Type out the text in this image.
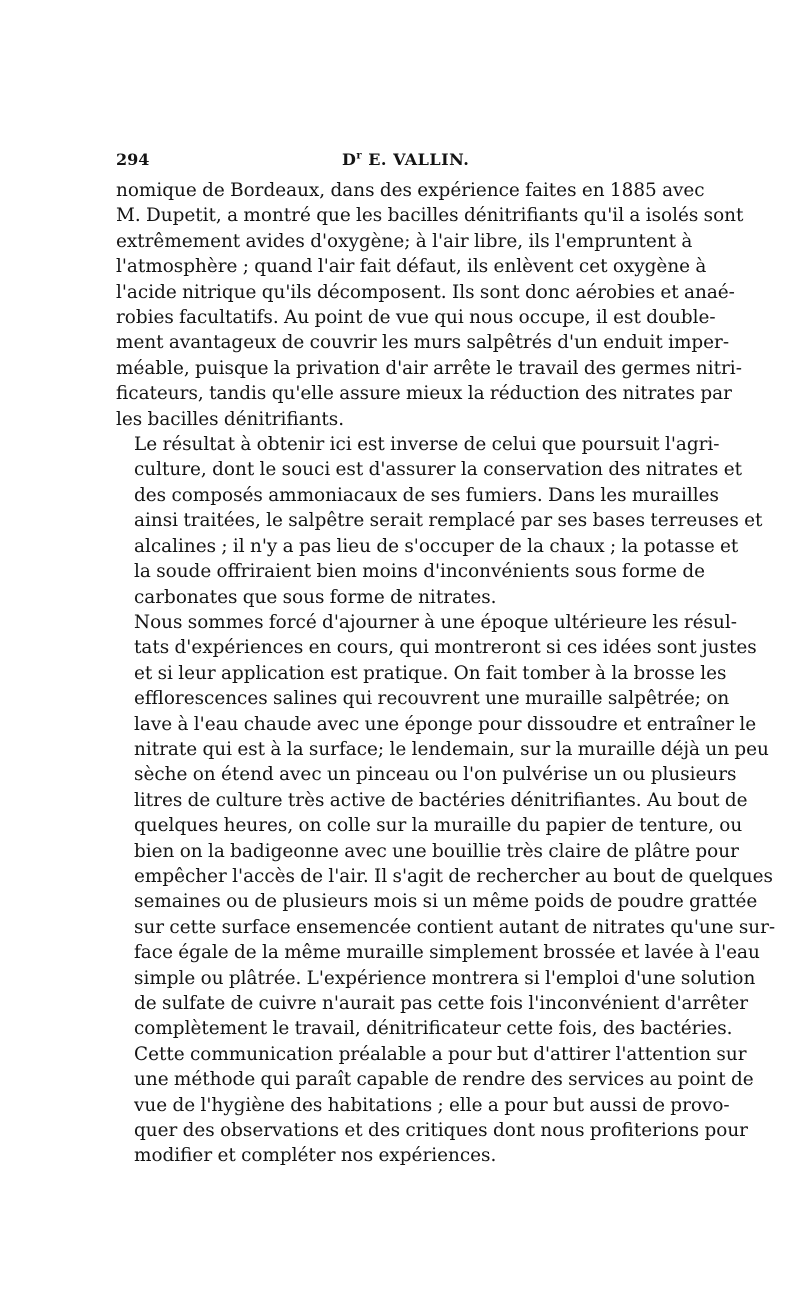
294	$D^r$ E. VALLIN.

nomique de Bordeaux, dans des expérience faites en 1885 avec
M. Dupetit, a montré que les bacilles dénitrifiants qu'il a isolés sont
extrêmement avides d'oxygène; à l'air libre, ils l'empruntent à
l'atmosphère ; quand l'air fait défaut, ils enlèvent cet oxygène à
l'acide nitrique qu'ils décomposent. Ils sont donc aérobies et anaé-
robies facultatifs. Au point de vue qui nous occupe, il est double-
ment avantageux de couvrir les murs salpêtrés d'un enduit imper-
méable, puisque la privation d'air arrête le travail des germes nitri-
ficateurs, tandis qu'elle assure mieux la réduction des nitrates par
les bacilles dénitrifiants.

Le résultat à obtenir ici est inverse de celui que poursuit l'agri-
culture, dont le souci est d'assurer la conservation des nitrates et
des composés ammoniacaux de ses fumiers. Dans les murailles
ainsi traitées, le salpêtre serait remplacé par ses bases terreuses et
alcalines ; il n'y a pas lieu de s'occuper de la chaux ; la potasse et
la soude offriraient bien moins d'inconvénients sous forme de
carbonates que sous forme de nitrates.

Nous sommes forcé d'ajourner à une époque ultérieure les résul-
tats d'expériences en cours, qui montreront si ces idées sont justes
et si leur application est pratique. On fait tomber à la brosse les
efflorescences salines qui recouvrent une muraille salpêtrée; on
lave à l'eau chaude avec une éponge pour dissoudre et entraîner le
nitrate qui est à la surface; le lendemain, sur la muraille déjà un peu
sèche on étend avec un pinceau ou l'on pulvérise un ou plusieurs
litres de culture très active de bactéries dénitrifiantes. Au bout de
quelques heures, on colle sur la muraille du papier de tenture, ou
bien on la badigeonne avec une bouillie très claire de plâtre pour
empêcher l'accès de l'air. Il s'agit de rechercher au bout de quelques
semaines ou de plusieurs mois si un même poids de poudre grattée
sur cette surface ensemencée contient autant de nitrates qu'une sur-
face égale de la même muraille simplement brossée et lavée à l'eau
simple ou plâtrée. L'expérience montrera si l'emploi d'une solution
de sulfate de cuivre n'aurait pas cette fois l'inconvénient d'arrêter
complètement le travail, dénitrificateur cette fois, des bactéries.

Cette communication préalable a pour but d'attirer l'attention sur
une méthode qui paraît capable de rendre des services au point de
vue de l'hygiène des habitations ; elle a pour but aussi de provo-
quer des observations et des critiques dont nous profiterions pour
modifier et compléter nos expériences.
